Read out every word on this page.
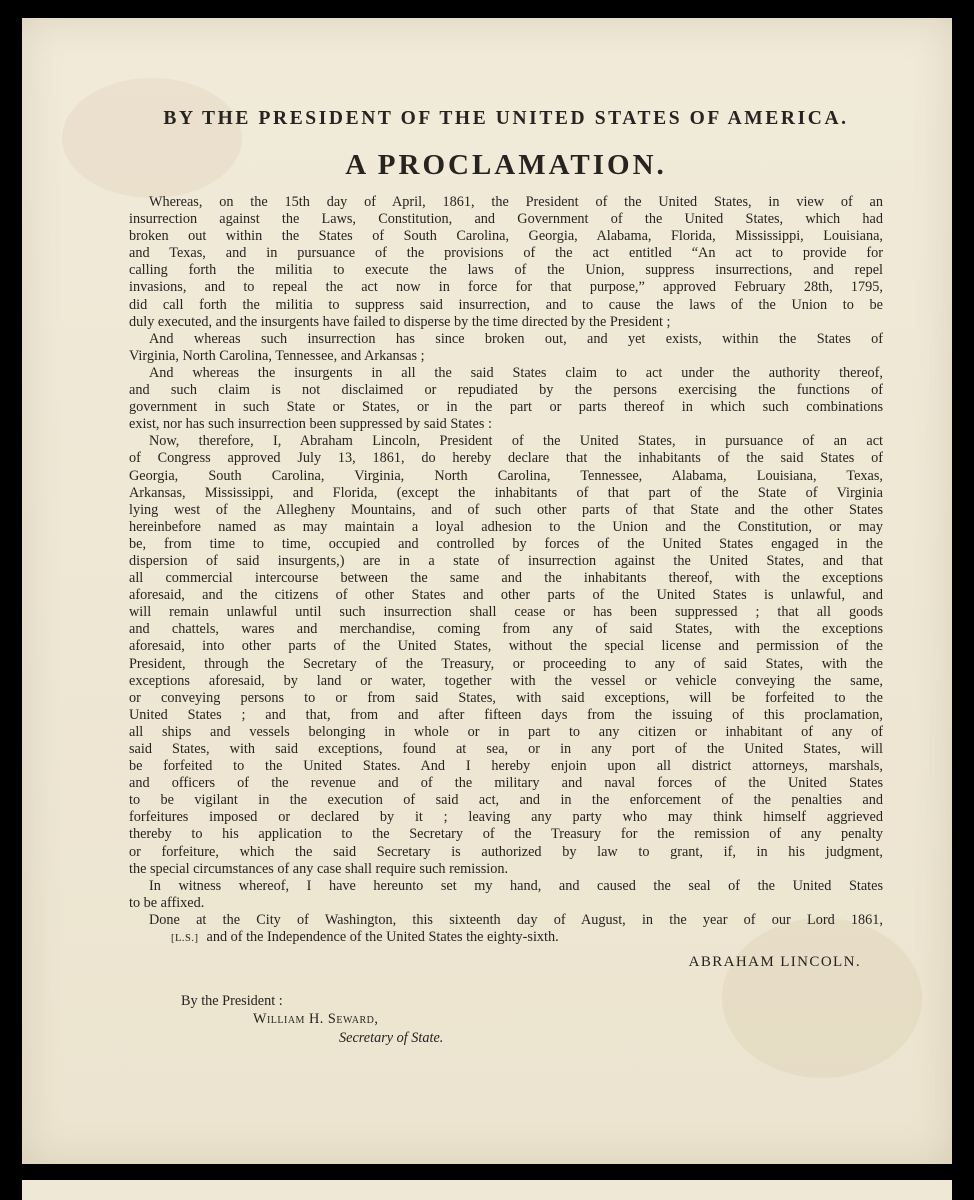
BY THE PRESIDENT OF THE UNITED STATES OF AMERICA.
A PROCLAMATION.
Whereas, on the 15th day of April, 1861, the President of the United States, in view of an
insurrection against the Laws, Constitution, and Government of the United States, which had
broken out within the States of South Carolina, Georgia, Alabama, Florida, Mississippi, Louisiana,
and Texas, and in pursuance of the provisions of the act entitled “An act to provide for
calling forth the militia to execute the laws of the Union, suppress insurrections, and repel
invasions, and to repeal the act now in force for that purpose,” approved February 28th, 1795,
did call forth the militia to suppress said insurrection, and to cause the laws of the Union to be
duly executed, and the insurgents have failed to disperse by the time directed by the President ;
And whereas such insurrection has since broken out, and yet exists, within the States of
Virginia, North Carolina, Tennessee, and Arkansas ;
And whereas the insurgents in all the said States claim to act under the authority thereof,
and such claim is not disclaimed or repudiated by the persons exercising the functions of
government in such State or States, or in the part or parts thereof in which such combinations
exist, nor has such insurrection been suppressed by said States :
Now, therefore, I, Abraham Lincoln, President of the United States, in pursuance of an act
of Congress approved July 13, 1861, do hereby declare that the inhabitants of the said States of
Georgia, South Carolina, Virginia, North Carolina, Tennessee, Alabama, Louisiana, Texas,
Arkansas, Mississippi, and Florida, (except the inhabitants of that part of the State of Virginia
lying west of the Allegheny Mountains, and of such other parts of that State and the other States
hereinbefore named as may maintain a loyal adhesion to the Union and the Constitution, or may
be, from time to time, occupied and controlled by forces of the United States engaged in the
dispersion of said insurgents,) are in a state of insurrection against the United States, and that
all commercial intercourse between the same and the inhabitants thereof, with the exceptions
aforesaid, and the citizens of other States and other parts of the United States is unlawful, and
will remain unlawful until such insurrection shall cease or has been suppressed ; that all goods
and chattels, wares and merchandise, coming from any of said States, with the exceptions
aforesaid, into other parts of the United States, without the special license and permission of the
President, through the Secretary of the Treasury, or proceeding to any of said States, with the
exceptions aforesaid, by land or water, together with the vessel or vehicle conveying the same,
or conveying persons to or from said States, with said exceptions, will be forfeited to the
United States ; and that, from and after fifteen days from the issuing of this proclamation,
all ships and vessels belonging in whole or in part to any citizen or inhabitant of any of
said States, with said exceptions, found at sea, or in any port of the United States, will
be forfeited to the United States. And I hereby enjoin upon all district attorneys, marshals,
and officers of the revenue and of the military and naval forces of the United States
to be vigilant in the execution of said act, and in the enforcement of the penalties and
forfeitures imposed or declared by it ; leaving any party who may think himself aggrieved
thereby to his application to the Secretary of the Treasury for the remission of any penalty
or forfeiture, which the said Secretary is authorized by law to grant, if, in his judgment,
the special circumstances of any case shall require such remission.
In witness whereof, I have hereunto set my hand, and caused the seal of the United States
to be affixed.
Done at the City of Washington, this sixteenth day of August, in the year of our Lord 1861,
[L.S.] and of the Independence of the United States the eighty-sixth.
ABRAHAM LINCOLN.
By the President :
William H. Seward,
Secretary of State.
